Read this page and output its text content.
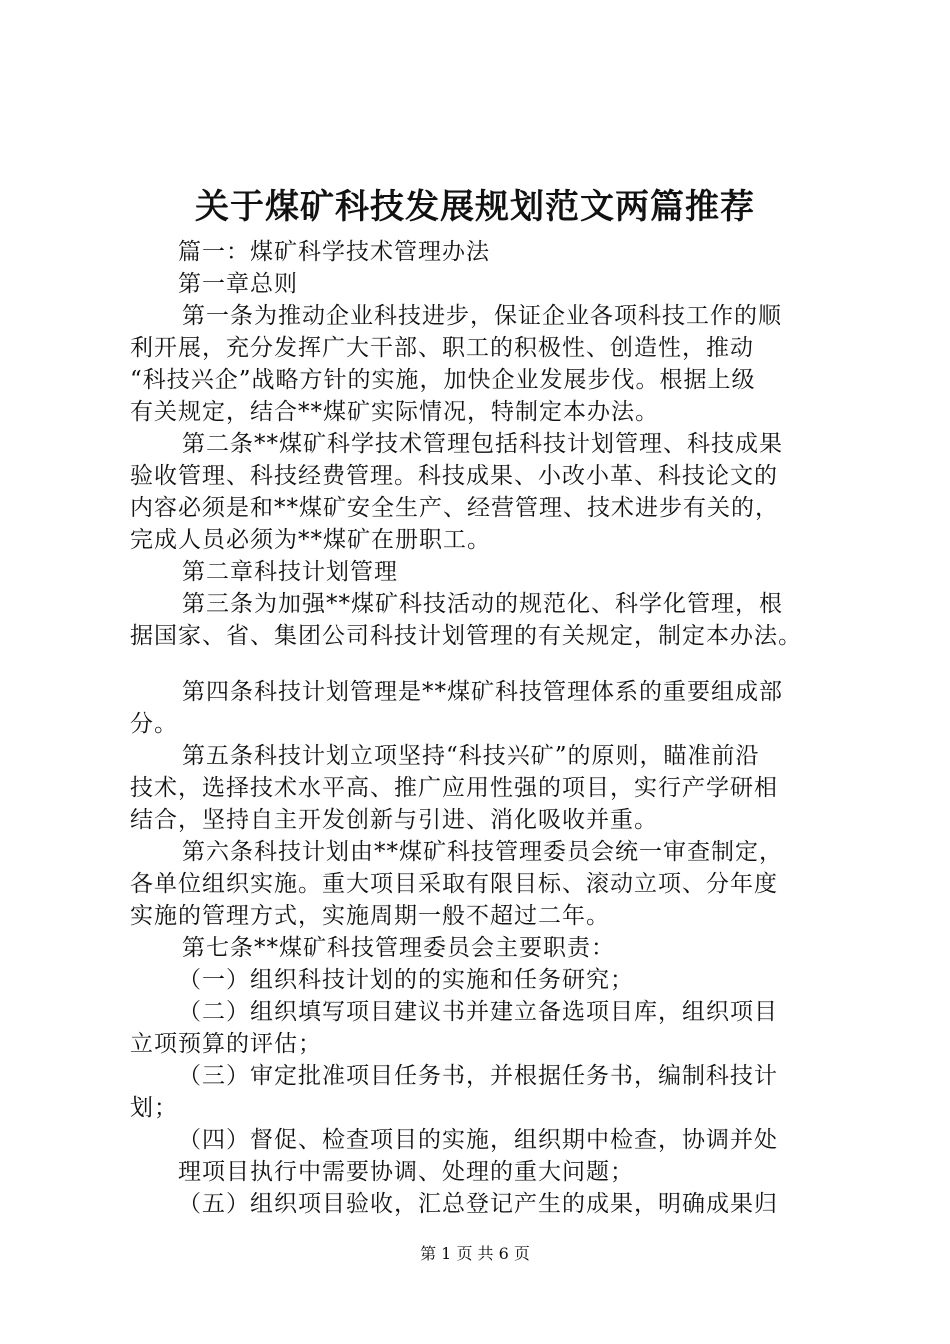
关于煤矿科技发展规划范文两篇推荐

篇一：煤矿科学技术管理办法

第一章总则

第一条为推动企业科技进步，保证企业各项科技工作的顺

利开展，充分发挥广大干部、职工的积极性、创造性，推动

“科技兴企”战略方针的实施，加快企业发展步伐。根据上级

有关规定，结合**煤矿实际情况，特制定本办法。

第二条**煤矿科学技术管理包括科技计划管理、科技成果

验收管理、科技经费管理。科技成果、小改小革、科技论文的

内容必须是和**煤矿安全生产、经营管理、技术进步有关的，

完成人员必须为**煤矿在册职工。

第二章科技计划管理

第三条为加强**煤矿科技活动的规范化、科学化管理，根

据国家、省、集团公司科技计划管理的有关规定，制定本办法。

第四条科技计划管理是**煤矿科技管理体系的重要组成部

分。

第五条科技计划立项坚持“科技兴矿”的原则，瞄准前沿

技术，选择技术水平高、推广应用性强的项目，实行产学研相

结合，坚持自主开发创新与引进、消化吸收并重。

第六条科技计划由**煤矿科技管理委员会统一审查制定，

各单位组织实施。重大项目采取有限目标、滚动立项、分年度

实施的管理方式，实施周期一般不超过二年。

第七条**煤矿科技管理委员会主要职责：

（一）组织科技计划的的实施和任务研究；

（二）组织填写项目建议书并建立备选项目库，组织项目

立项预算的评估；

（三）审定批准项目任务书，并根据任务书，编制科技计

划；

（四）督促、检查项目的实施，组织期中检查，协调并处

理项目执行中需要协调、处理的重大问题；

（五）组织项目验收，汇总登记产生的成果，明确成果归

第 1 页 共 6 页
